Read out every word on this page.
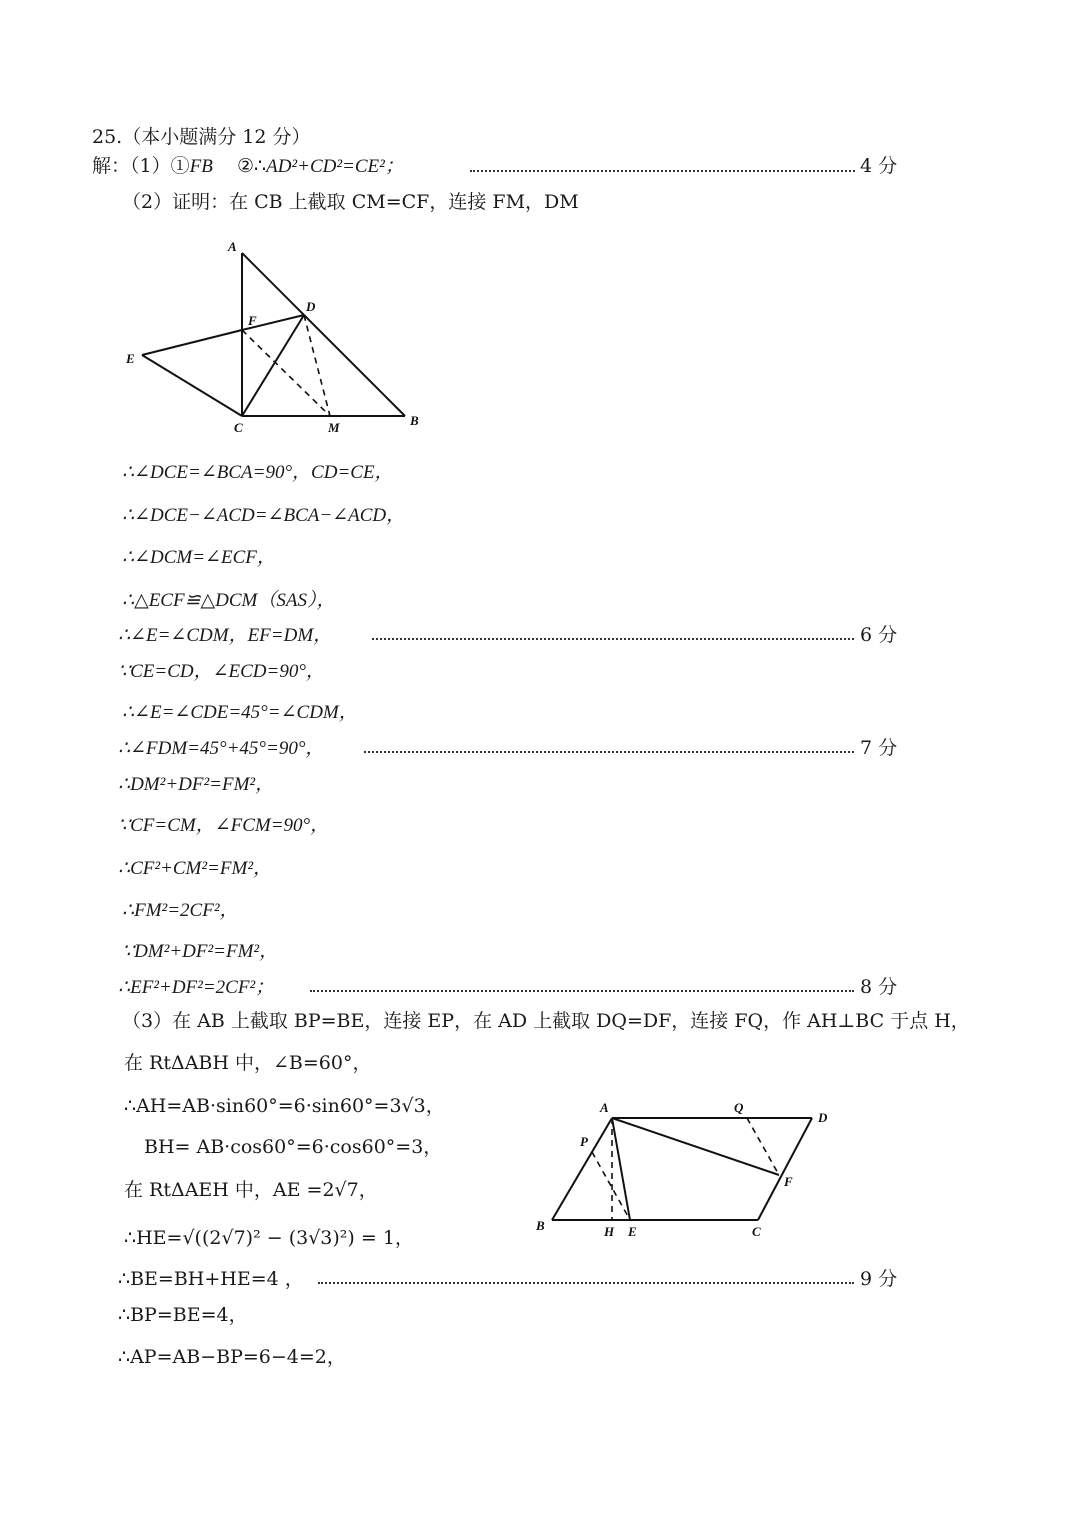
25.（本小题满分 12 分）
解：（1）①FB ②∴AD²+CD²=CE²；	4 分
（2）证明：在 CB 上截取 CM=CF，连接 FM，DM
A
F
D
E
C	M	B
∴∠DCE=∠BCA=90°，CD=CE，
∴∠DCE−∠ACD=∠BCA−∠ACD，
∴∠DCM=∠ECF，
∴△ECF≌△DCM（SAS），
∴∠E=∠CDM，EF=DM，	6 分
∵CE=CD，∠ECD=90°，
∴∠E=∠CDE=45°=∠CDM，
∴∠FDM=45°+45°=90°，	7 分
∴DM²+DF²=FM²，
∵CF=CM，∠FCM=90°，
∴CF²+CM²=FM²，
∴FM²=2CF²，
∵DM²+DF²=FM²，
∴EF²+DF²=2CF²；	8 分
（3）在 AB 上截取 BP=BE，连接 EP，在 AD 上截取 DQ=DF，连接 FQ，作 AH⊥BC 于点 H，
在 RtΔABH 中，∠B=60°，
∴AH=AB·sin60°=6·sin60°=3√3，
BH= AB·cos60°=6·cos60°=3，
在 RtΔAEH 中，AE =2√7，
∴HE=√((2√7)² − (3√3)²) = 1，
∴BE=BH+HE=4 ，	9 分
∴BP=BE=4，
∴AP=AB−BP=6−4=2，
A	Q
D
P
F
B	H E	C
